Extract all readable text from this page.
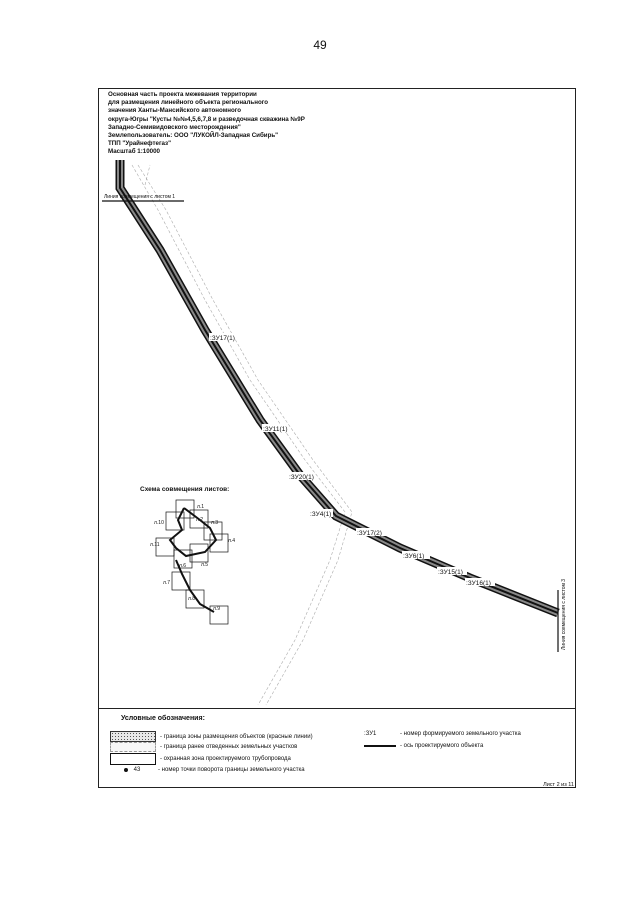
49
Линия совмещения с листом 1
Линия совмещения с листом 3
:ЗУ17(1)
:ЗУ11(1)
:ЗУ20(1)
:ЗУ4(1)
:ЗУ17(2)
:ЗУ6(1)
:ЗУ15(1)
:ЗУ16(1)
Схема совмещения листов:
л.1
л.2 л.3
л.4
л.5
л.6
л.7
л.8
л.9
л.10
л.11
Основная часть проекта межевания территории
для размещения линейного объекта регионального
значения Ханты-Мансийского автономного
округа-Югры "Кусты №№4,5,6,7,8 и разведочная скважина №9Р
Западно-Семивидовского месторождения"
Землепользователь: ООО "ЛУКОЙЛ-Западная Сибирь"
ТПП "Урайнефтегаз"
Масштаб 1:10000
Условные обозначения:
- граница зоны размещения объектов (красные линии)
- граница ранее отведенных земельных участков
- охранная зона проектируемого трубопровода
43	- номер точки поворота границы земельного участка
:ЗУ1	- номер формируемого земельного участка
- ось проектируемого объекта
Лист 2 из 11
